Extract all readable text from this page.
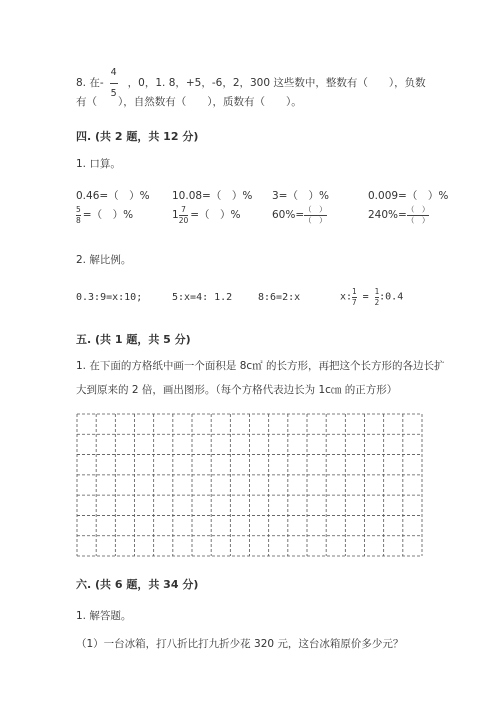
8. 在- $\frac{4}{5}$ ，0，1. 8，+5，-6，2，300 这些数中，整数有（　　），负数
有（　　），自然数有（　　），质数有（　　）。
四. (共 2 题，共 12 分)
1. 口算。
0.46=（　）% 10.08=（　）% 3=（　）%	0.009=（　）%
$\frac{5}{8}$ =（　）%	$1 \frac{7}{20}$ =（　）%	$60\%= \frac{( )}{( )}$	$240\%= \frac{( )}{( )}$
2. 解比例。
0.3:9=x:10;	5:x=4: 1.2	8:6=2:x	x: $\frac{1}{7} = \frac{1}{2}$ :0.4
五. (共 1 题，共 5 分)
1. 在下面的方格纸中画一个面积是 8c㎡ 的长方形，再把这个长方形的各边长扩
大到原来的 2 倍，画出图形。（每个方格代表边长为 1c㎝ 的正方形）
六. (共 6 题，共 34 分)
1. 解答题。
（1）一台冰箱，打八折比打九折少花 320 元，这台冰箱原价多少元？
